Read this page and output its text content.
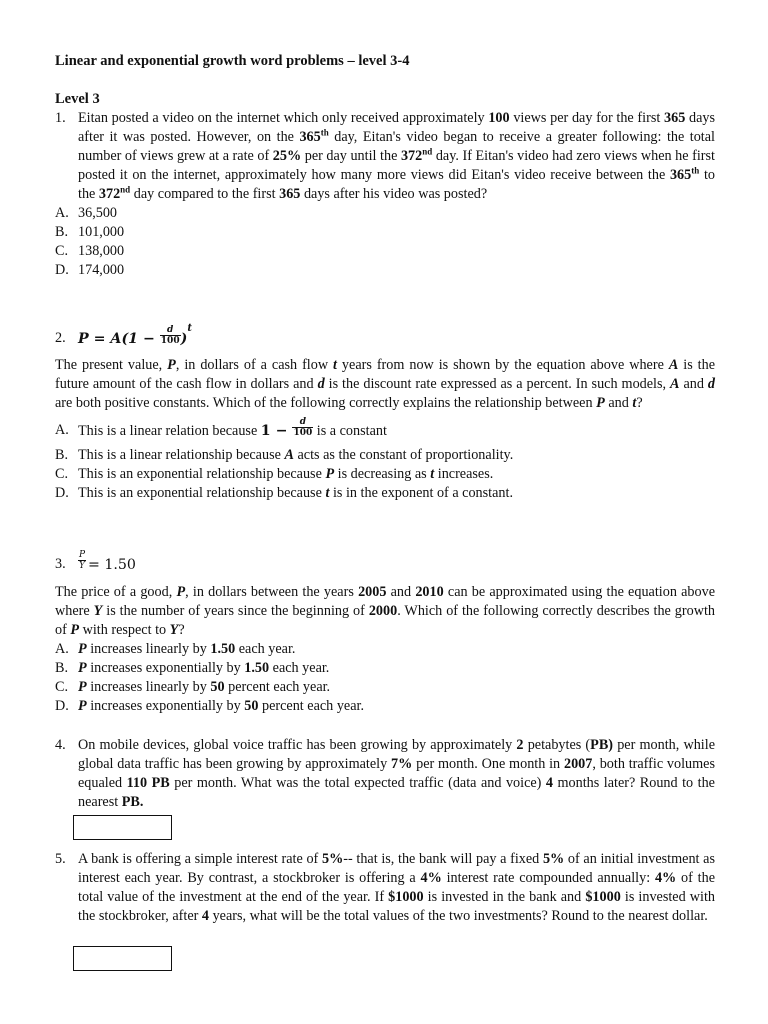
Linear and exponential growth word problems – level 3-4
Level 3
1. Eitan posted a video on the internet which only received approximately 100 views per day for the first 365 days after it was posted. However, on the 365th day, Eitan's video began to receive a greater following: the total number of views grew at a rate of 25% per day until the 372nd day. If Eitan's video had zero views when he first posted it on the internet, approximately how many more views did Eitan's video receive between the 365th to the 372nd day compared to the first 365 days after his video was posted?

A. 36,500
B. 101,000
C. 138,000
D. 174,000
2. $P = A(1 - \frac{d}{100} )^t$

The present value, P, in dollars of a cash flow t years from now is shown by the equation above where A is the future amount of the cash flow in dollars and d is the discount rate expressed as a percent. In such models, A and d are both positive constants. Which of the following correctly explains the relationship between P and t?

A. This is a linear relation because $1 - \frac{d}{100}$ is a constant
B. This is a linear relationship because A acts as the constant of proportionality.
C. This is an exponential relationship because P is decreasing as t increases.
D. This is an exponential relationship because t is in the exponent of a constant.
3. $\frac{P}{Y} = 1.50$

The price of a good, P, in dollars between the years 2005 and 2010 can be approximated using the equation above where Y is the number of years since the beginning of 2000. Which of the following correctly describes the growth of P with respect to Y?

A. P increases linearly by 1.50 each year.
B. P increases exponentially by 1.50 each year.
C. P increases linearly by 50 percent each year.
D. P increases exponentially by 50 percent each year.
4. On mobile devices, global voice traffic has been growing by approximately 2 petabytes (PB) per month, while global data traffic has been growing by approximately 7% per month. One month in 2007, both traffic volumes equaled 110 PB per month. What was the total expected traffic (data and voice) 4 months later? Round to the nearest PB.

5. A bank is offering a simple interest rate of 5%-- that is, the bank will pay a fixed 5% of an initial investment as interest each year. By contrast, a stockbroker is offering a 4% interest rate compounded annually: 4% of the total value of the investment at the end of the year. If $1000 is invested in the bank and $1000 is invested with the stockbroker, after 4 years, what will be the total values of the two investments? Round to the nearest dollar.
